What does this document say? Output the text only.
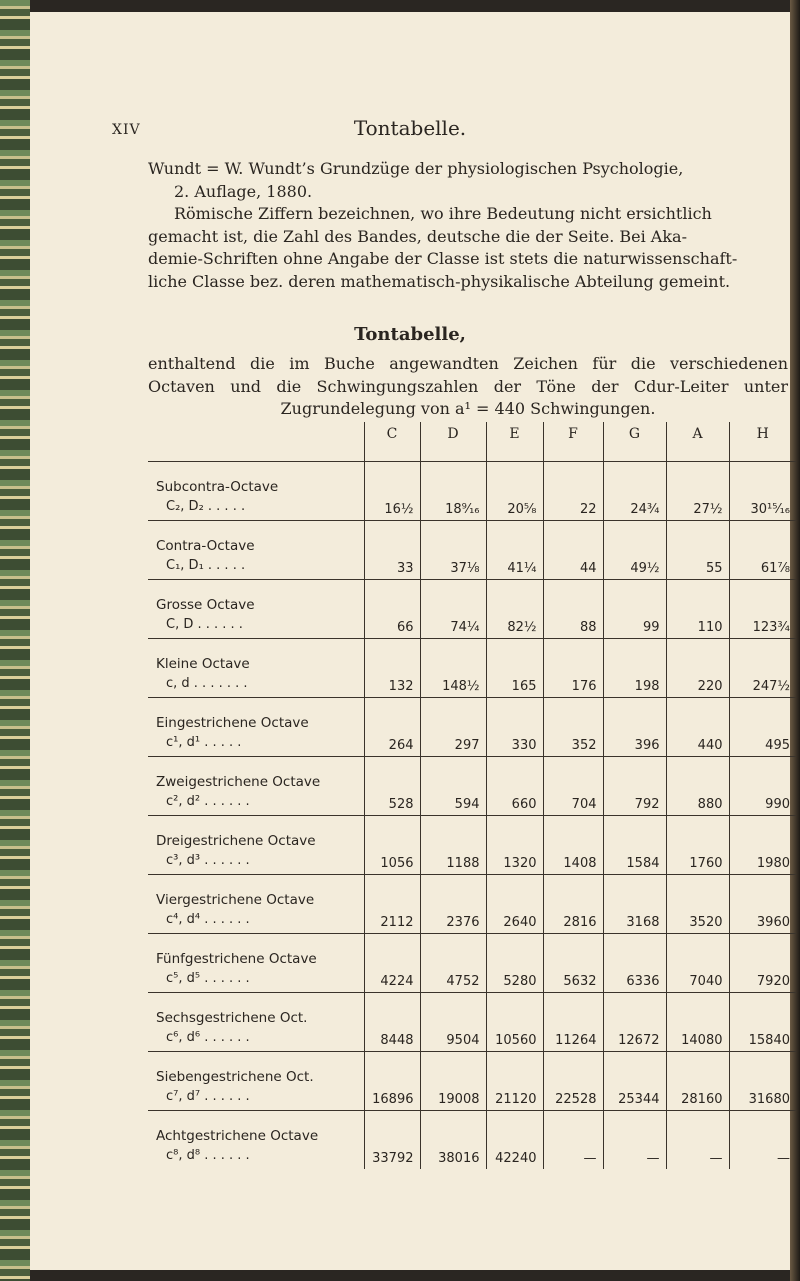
XIV	Tontabelle.
Wundt = W. Wundt’s Grundzüge der physiologischen Psychologie,
2. Auflage, 1880.
Römische Ziffern bezeichnen, wo ihre Bedeutung nicht ersichtlich
gemacht ist, die Zahl des Bandes, deutsche die der Seite. Bei Aka-
demie-Schriften ohne Angabe der Classe ist stets die naturwissenschaft-
liche Classe bez. deren mathematisch-physikalische Abteilung gemeint.
Tontabelle,
enthaltend die im Buche angewandten Zeichen für die verschiedenen
Octaven und die Schwingungszahlen der Töne der Cdur-Leiter unter
Zugrundelegung von a¹ = 440 Schwingungen.
	C	D	E	F	G	A	H

Subcontra-Octave
C₂, D₂ . . . . .	16½	18⁹⁄₁₆	20⁵⁄₈	22	24¾	27½	30¹⁵⁄₁₆

Contra-Octave
C₁, D₁ . . . . .	33	37⅛	41¼	44	49½	55	61⅞

Grosse Octave
C, D . . . . . .	66	74¼	82½	88	99	110	123¾

Kleine Octave
c, d . . . . . . .	132	148½	165	176	198	220	247½

Eingestrichene Octave
c¹, d¹ . . . . .	264	297	330	352	396	440	495

Zweigestrichene Octave
c², d² . . . . . .	528	594	660	704	792	880	990

Dreigestrichene Octave
c³, d³ . . . . . .	1056	1188	1320	1408	1584	1760	1980

Viergestrichene Octave
c⁴, d⁴ . . . . . .	2112	2376	2640	2816	3168	3520	3960

Fünfgestrichene Octave
c⁵, d⁵ . . . . . .	4224	4752	5280	5632	6336	7040	7920

Sechsgestrichene Oct.
c⁶, d⁶ . . . . . .	8448	9504	10560	11264	12672	14080	15840

Siebengestrichene Oct.
c⁷, d⁷ . . . . . .	16896	19008	21120	22528	25344	28160	31680

Achtgestrichene Octave
c⁸, d⁸ . . . . . .	33792	38016	42240	—	—	—	—
